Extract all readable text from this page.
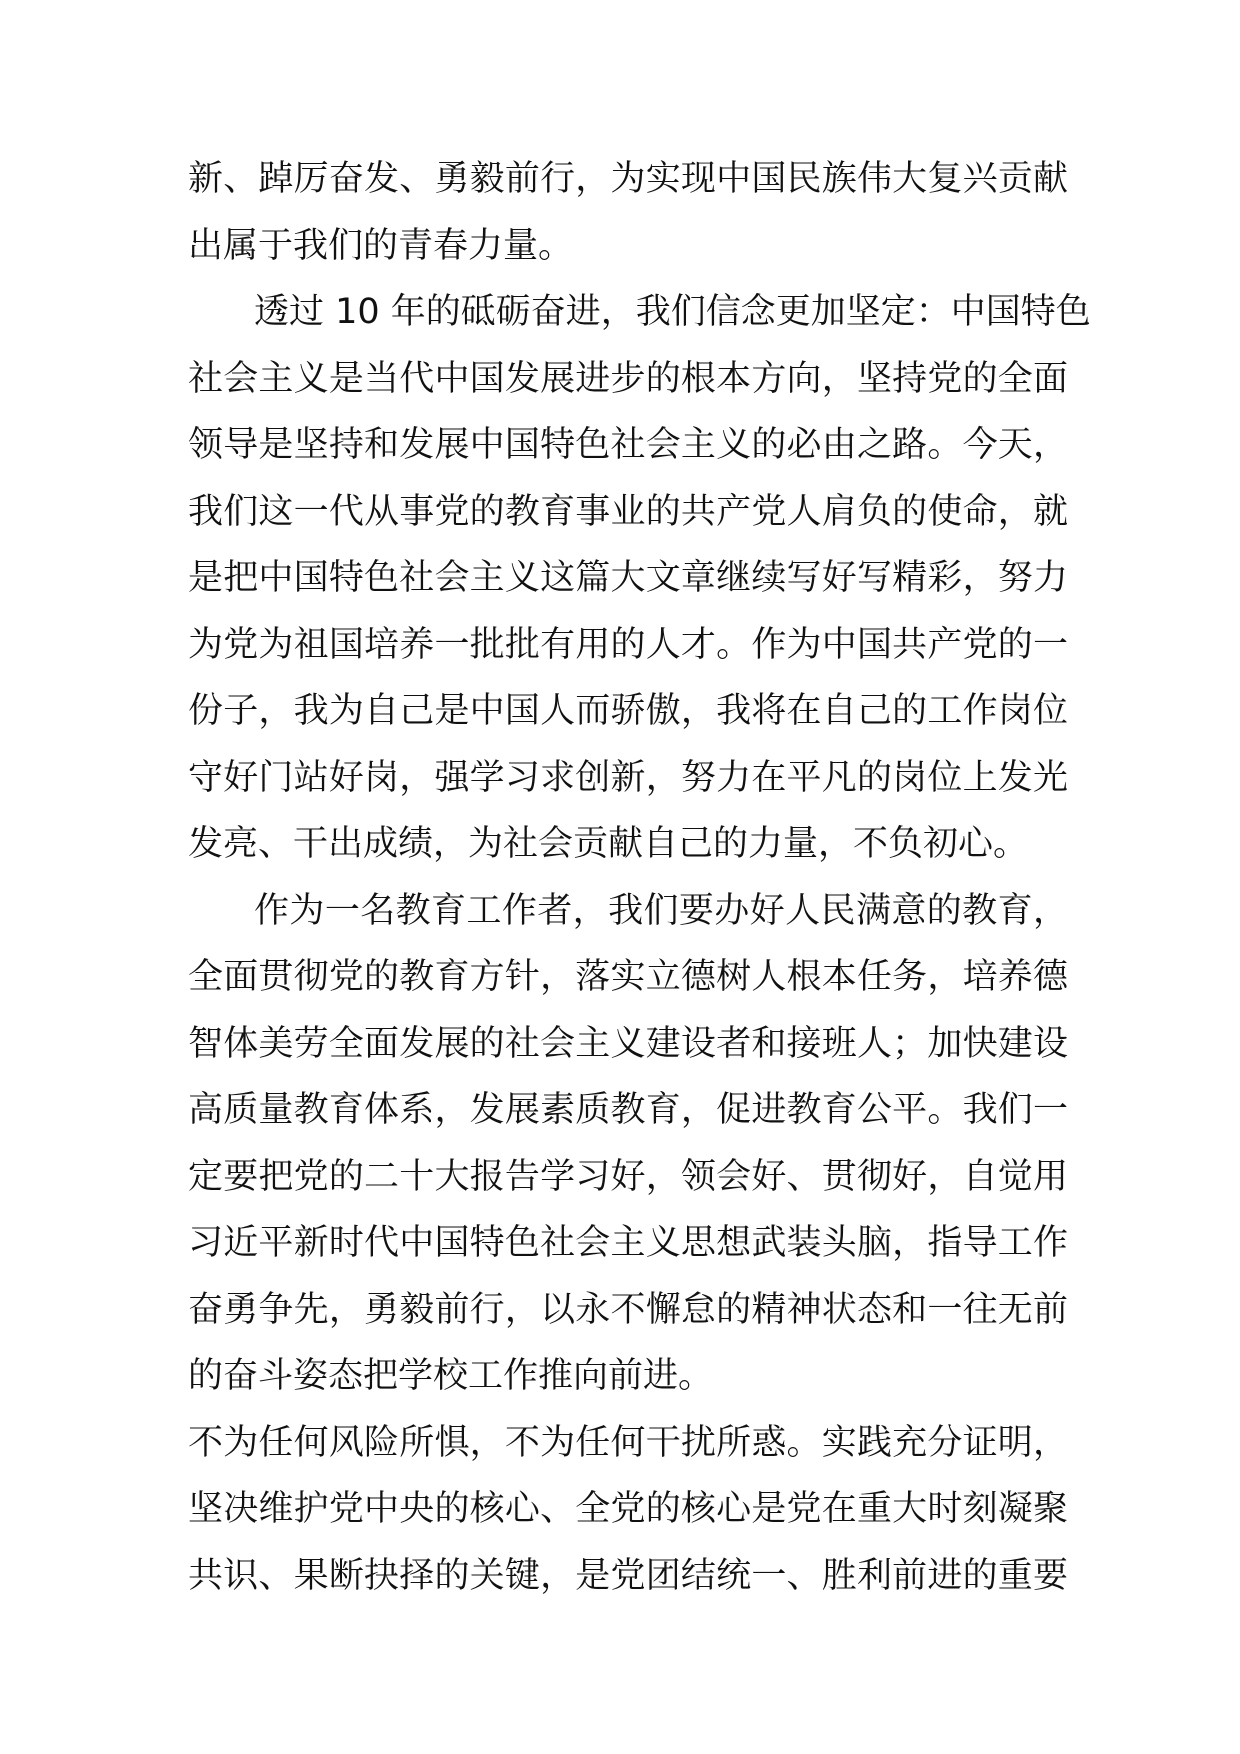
新、踔厉奋发、勇毅前行，为实现中国民族伟大复兴贡献
出属于我们的青春力量。
透过 10 年的砥砺奋进，我们信念更加坚定：中国特色
社会主义是当代中国发展进步的根本方向，坚持党的全面
领导是坚持和发展中国特色社会主义的必由之路。今天，
我们这一代从事党的教育事业的共产党人肩负的使命，就
是把中国特色社会主义这篇大文章继续写好写精彩，努力
为党为祖国培养一批批有用的人才。作为中国共产党的一
份子，我为自己是中国人而骄傲，我将在自己的工作岗位
守好门站好岗，强学习求创新，努力在平凡的岗位上发光
发亮、干出成绩，为社会贡献自己的力量，不负初心。
作为一名教育工作者，我们要办好人民满意的教育，
全面贯彻党的教育方针，落实立德树人根本任务，培养德
智体美劳全面发展的社会主义建设者和接班人；加快建设
高质量教育体系，发展素质教育，促进教育公平。我们一
定要把党的二十大报告学习好，领会好、贯彻好，自觉用
习近平新时代中国特色社会主义思想武装头脑，指导工作
奋勇争先，勇毅前行，以永不懈怠的精神状态和一往无前
的奋斗姿态把学校工作推向前进。
不为任何风险所惧，不为任何干扰所惑。实践充分证明，
坚决维护党中央的核心、全党的核心是党在重大时刻凝聚
共识、果断抉择的关键，是党团结统一、胜利前进的重要
